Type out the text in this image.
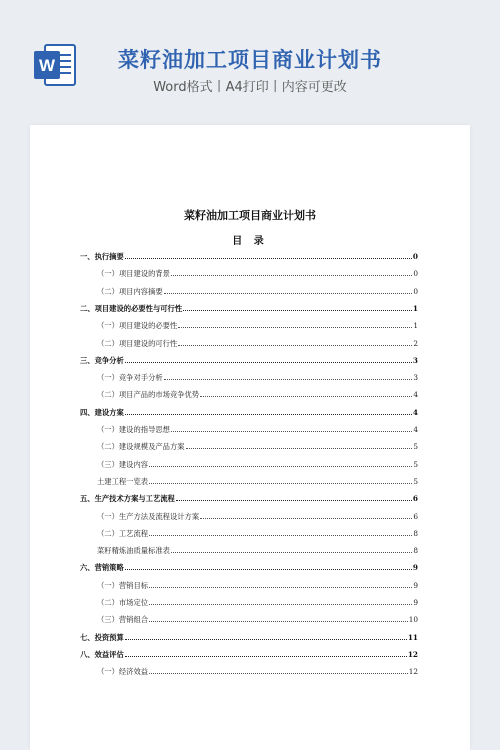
W	菜籽油加工项目商业计划书
Word格式丨A4打印丨内容可更改
菜籽油加工项目商业计划书
目 录
一、执行摘要	0
（一）项目建设的背景	0
（二）项目内容摘要	0
二、项目建设的必要性与可行性	1
（一）项目建设的必要性	1
（二）项目建设的可行性	2
三、竞争分析	3
（一）竞争对手分析	3
（二）项目产品的市场竞争优势	4
四、建设方案	4
（一）建设的指导思想	4
（二）建设规模及产品方案	5
（三）建设内容	5
土建工程一览表	5
五、生产技术方案与工艺流程	6
（一）生产方法及流程设计方案	6
（二）工艺流程	8
菜籽精炼油质量标准表	8
六、营销策略	9
（一）营销目标	9
（二）市场定位	9
（三）营销组合	10
七、投资预算	11
八、效益评估	12
（一）经济效益	12
